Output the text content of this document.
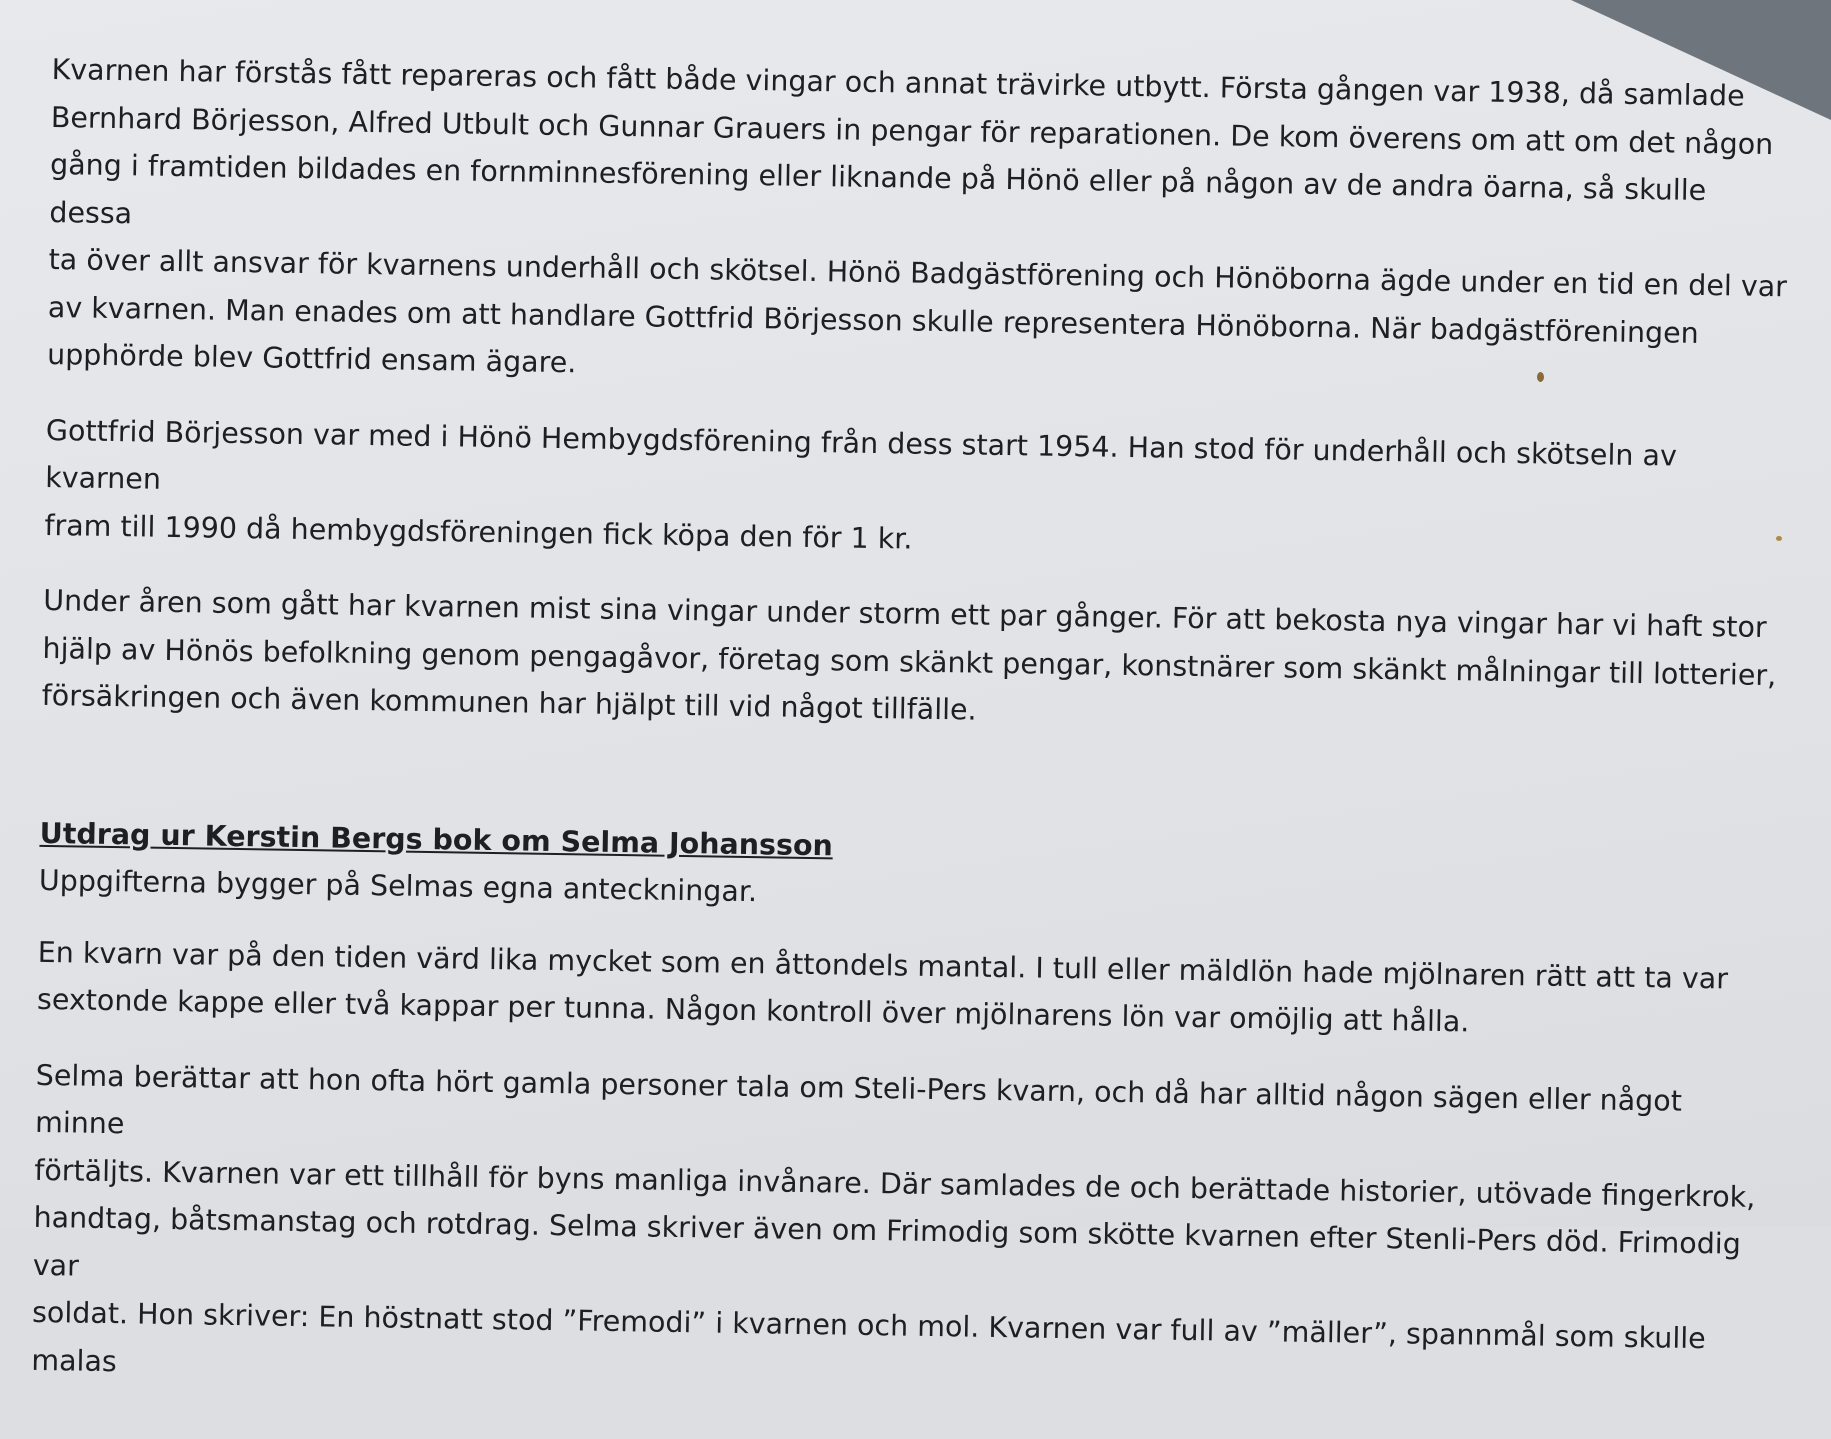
Kvarnen har förstås fått repareras och fått både vingar och annat trävirke utbytt. Första gången var 1938, då samlade
Bernhard Börjesson, Alfred Utbult och Gunnar Grauers in pengar för reparationen. De kom överens om att om det någon
gång i framtiden bildades en fornminnesförening eller liknande på Hönö eller på någon av de andra öarna, så skulle dessa
ta över allt ansvar för kvarnens underhåll och skötsel. Hönö Badgästförening och Hönöborna ägde under en tid en del var
av kvarnen. Man enades om att handlare Gottfrid Börjesson skulle representera Hönöborna. När badgästföreningen
upphörde blev Gottfrid ensam ägare.

Gottfrid Börjesson var med i Hönö Hembygdsförening från dess start 1954. Han stod för underhåll och skötseln av kvarnen
fram till 1990 då hembygdsföreningen fick köpa den för 1 kr.

Under åren som gått har kvarnen mist sina vingar under storm ett par gånger. För att bekosta nya vingar har vi haft stor
hjälp av Hönös befolkning genom pengagåvor, företag som skänkt pengar, konstnärer som skänkt målningar till lotterier,
försäkringen och även kommunen har hjälpt till vid något tillfälle.

Utdrag ur Kerstin Bergs bok om Selma Johansson

Uppgifterna bygger på Selmas egna anteckningar.

En kvarn var på den tiden värd lika mycket som en åttondels mantal. I tull eller mäldlön hade mjölnaren rätt att ta var
sextonde kappe eller två kappar per tunna. Någon kontroll över mjölnarens lön var omöjlig att hålla.

Selma berättar att hon ofta hört gamla personer tala om Steli-Pers kvarn, och då har alltid någon sägen eller något minne
förtäljts. Kvarnen var ett tillhåll för byns manliga invånare. Där samlades de och berättade historier, utövade fingerkrok,
handtag, båtsmanstag och rotdrag. Selma skriver även om Frimodig som skötte kvarnen efter Stenli-Pers död. Frimodig var
soldat. Hon skriver: En höstnatt stod ”Fremodi” i kvarnen och mol. Kvarnen var full av ”mäller”, spannmål som skulle malas
